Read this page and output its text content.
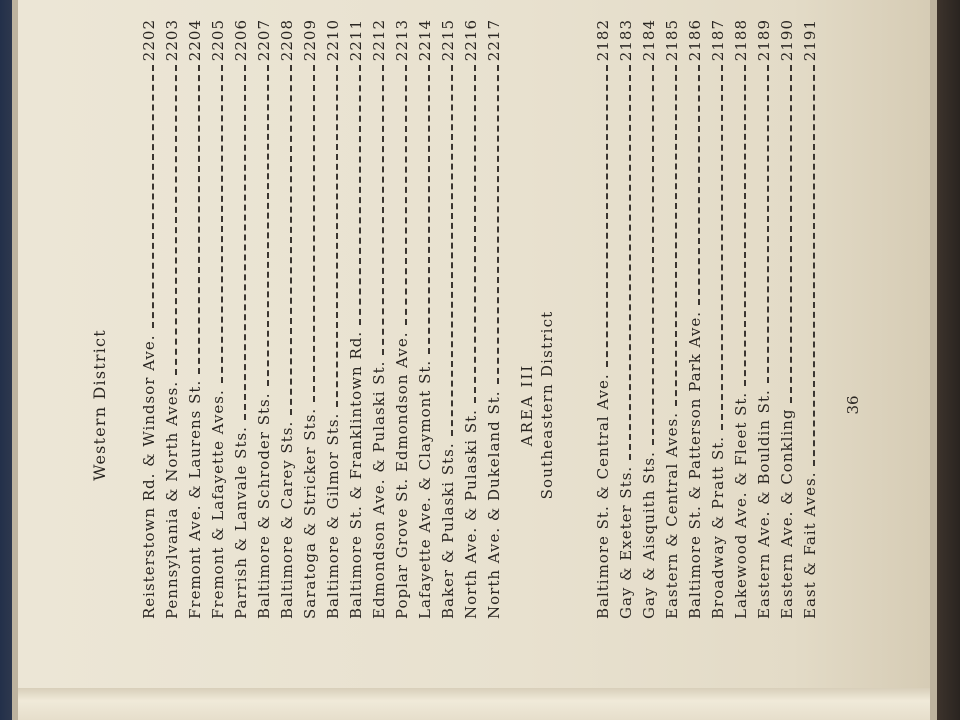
Western District Reisterstown Rd. & Windsor Ave.
2202
Pennsylvania & North Aves.
2203
Fremont Ave. & Laurens St.
2204
Fremont & Lafayette Aves.
2205
Parrish & Lanvale Sts.
2206
Baltimore & Schroder Sts.
2207
Baltimore & Carey Sts.
2208
Saratoga & Stricker Sts.
2209
Baltimore & Gilmor Sts.
2210
Baltimore St. & Franklintown Rd.
2211
Edmondson Ave. & Pulaski St.
2212
Poplar Grove St. Edmondson Ave.
2213
Lafayette Ave. & Claymont St.
2214
Baker & Pulaski Sts.
2215
North Ave. & Pulaski St.
2216
North Ave. & Dukeland St.
2217
AREA III Southeastern District	Baltimore St. & Central Ave.
2182
Gay & Exeter Sts.
2183
Gay & Aisquith Sts.
2184
Eastern & Central Aves.
2185
Baltimore St. & Patterson Park Ave.
2186
Broadway & Pratt St.
2187
Lakewood Ave. & Fleet St.
2188
Eastern Ave. & Bouldin St.
2189
Eastern Ave. & Conkling
2190
East & Fait Aves.
2191
36
